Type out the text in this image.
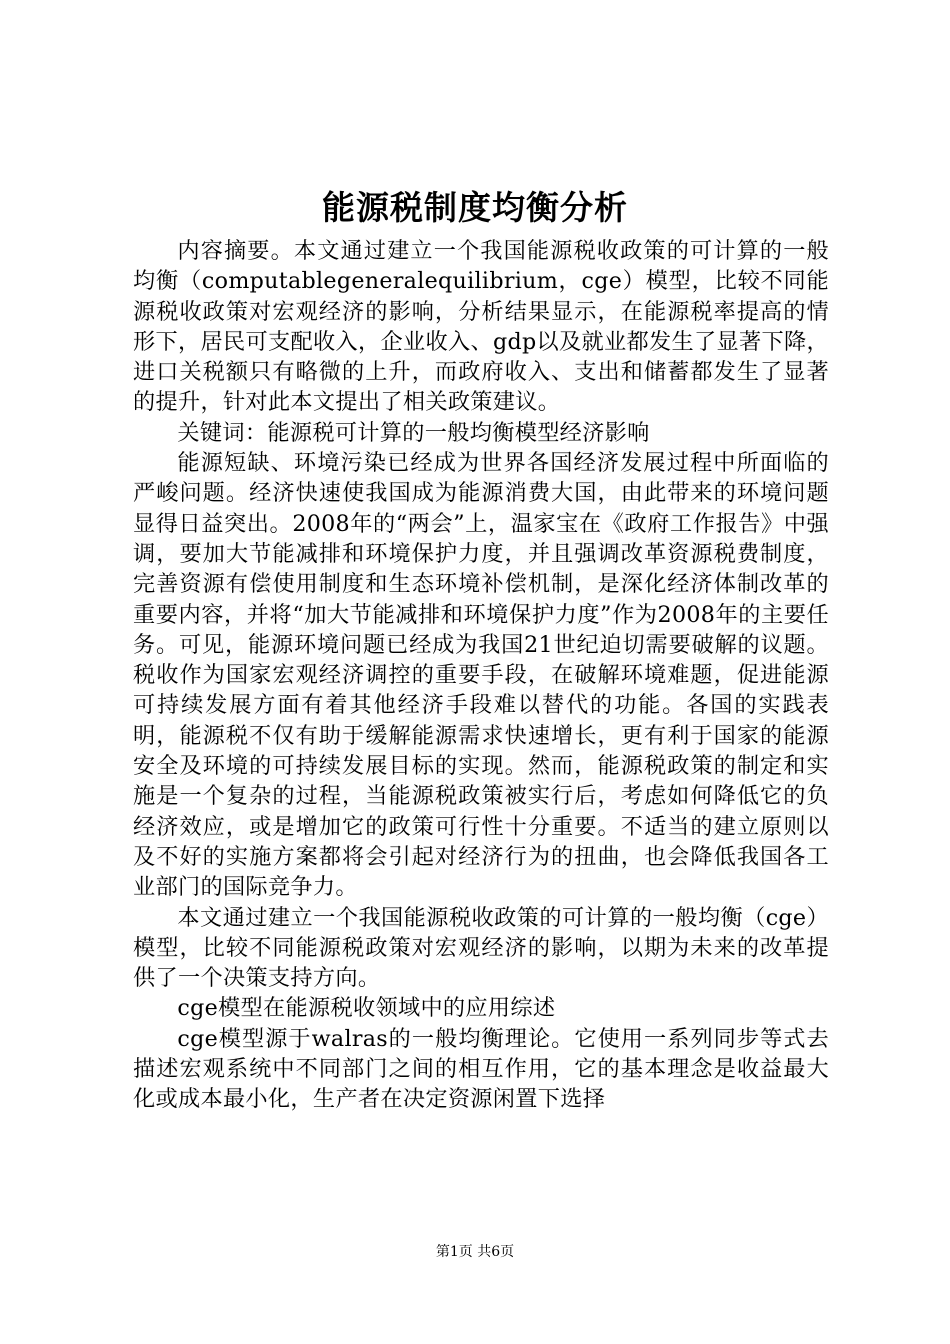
能源税制度均衡分析

内容摘要。本文通过建立一个我国能源税收政策的可计算的一般均衡（computablegeneralequilibrium，cge）模型，比较不同能源税收政策对宏观经济的影响，分析结果显示，在能源税率提高的情形下，居民可支配收入，企业收入、gdp以及就业都发生了显著下降，进口关税额只有略微的上升，而政府收入、支出和储蓄都发生了显著的提升，针对此本文提出了相关政策建议。

关键词：能源税可计算的一般均衡模型经济影响

能源短缺、环境污染已经成为世界各国经济发展过程中所面临的严峻问题。经济快速使我国成为能源消费大国，由此带来的环境问题显得日益突出。2008年的“两会”上，温家宝在《政府工作报告》中强调，要加大节能减排和环境保护力度，并且强调改革资源税费制度，完善资源有偿使用制度和生态环境补偿机制，是深化经济体制改革的重要内容，并将“加大节能减排和环境保护力度”作为2008年的主要任务。可见，能源环境问题已经成为我国21世纪迫切需要破解的议题。税收作为国家宏观经济调控的重要手段，在破解环境难题，促进能源可持续发展方面有着其他经济手段难以替代的功能。各国的实践表明，能源税不仅有助于缓解能源需求快速增长，更有利于国家的能源安全及环境的可持续发展目标的实现。然而，能源税政策的制定和实施是一个复杂的过程，当能源税政策被实行后，考虑如何降低它的负经济效应，或是增加它的政策可行性十分重要。不适当的建立原则以及不好的实施方案都将会引起对经济行为的扭曲，也会降低我国各工业部门的国际竞争力。

本文通过建立一个我国能源税收政策的可计算的一般均衡（cge）模型，比较不同能源税政策对宏观经济的影响，以期为未来的改革提供了一个决策支持方向。

cge模型在能源税收领域中的应用综述

cge模型源于walras的一般均衡理论。它使用一系列同步等式去描述宏观系统中不同部门之间的相互作用，它的基本理念是收益最大化或成本最小化，生产者在决定资源闲置下选择

第1页 共6页
